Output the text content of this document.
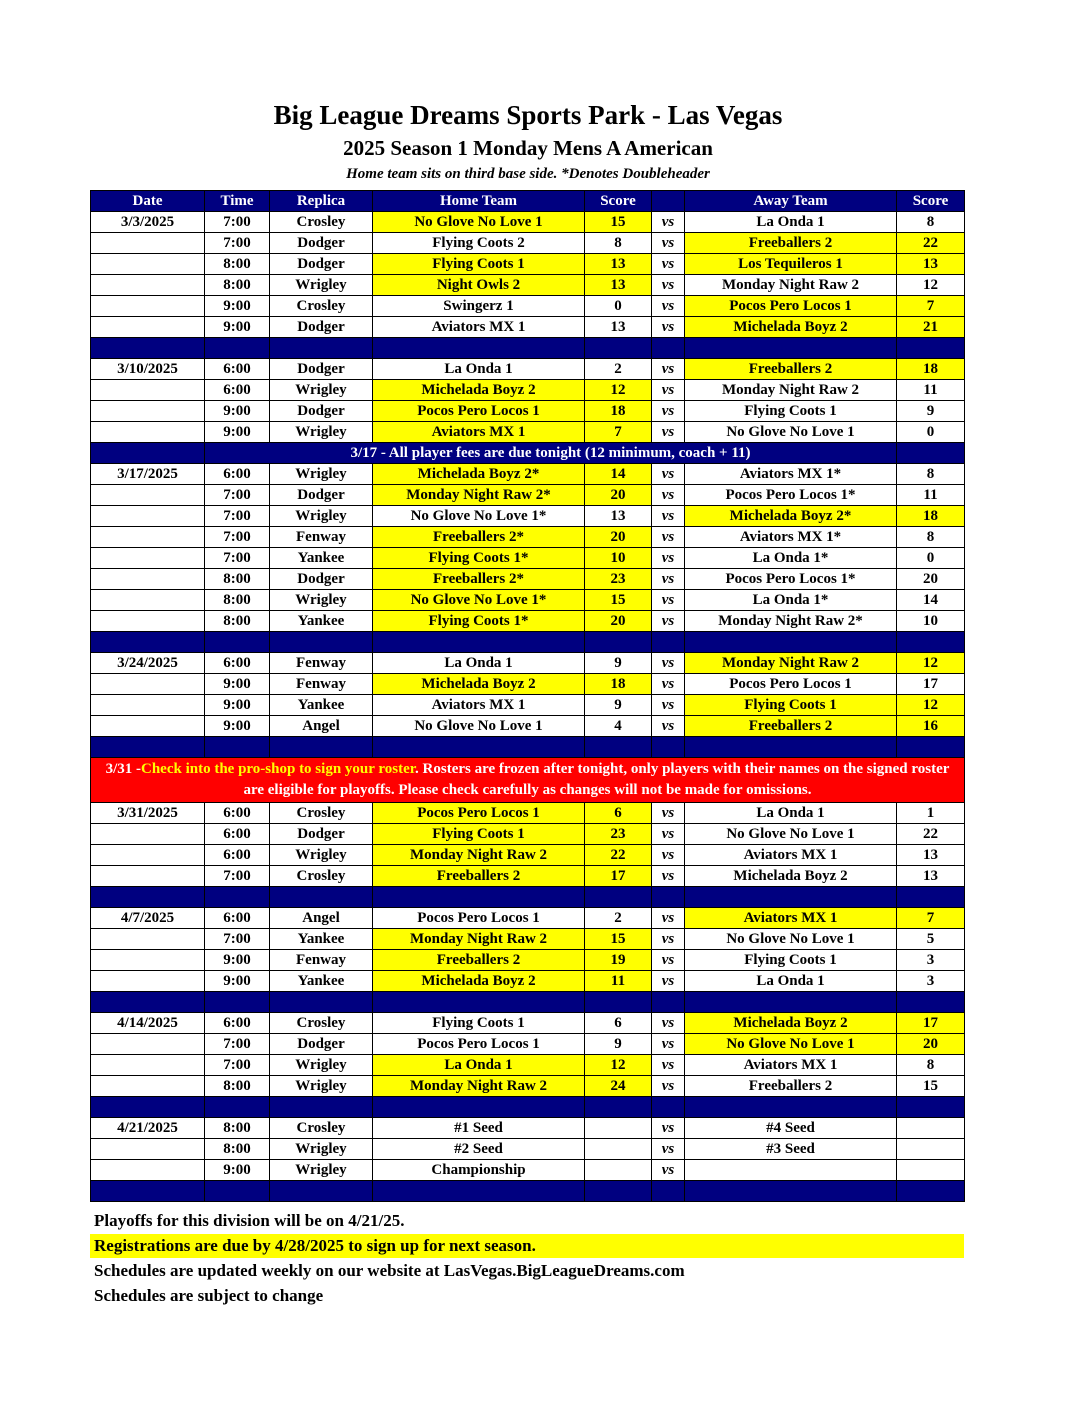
Big League Dreams Sports Park - Las Vegas
2025 Season 1 Monday Mens A American
Home team sits on third base side. *Denotes Doubleheader
Date	Time	Replica	Home Team	Score		Away Team	Score
3/3/2025	7:00	Crosley	No Glove No Love 1	15	vs	La Onda 1	8
	7:00	Dodger	Flying Coots 2	8	vs	Freeballers 2	22
	8:00	Dodger	Flying Coots 1	13	vs	Los Tequileros 1	13
	8:00	Wrigley	Night Owls 2	13	vs	Monday Night Raw 2	12
	9:00	Crosley	Swingerz 1	0	vs	Pocos Pero Locos 1	7
	9:00	Dodger	Aviators MX 1	13	vs	Michelada Boyz 2	21

3/10/2025	6:00	Dodger	La Onda 1	2	vs	Freeballers 2	18
	6:00	Wrigley	Michelada Boyz 2	12	vs	Monday Night Raw 2	11
	9:00	Dodger	Pocos Pero Locos 1	18	vs	Flying Coots 1	9
	9:00	Wrigley	Aviators MX 1	7	vs	No Glove No Love 1	0
	3/17 - All player fees are due tonight (12 minimum, coach + 11)						
3/17/2025	6:00	Wrigley	Michelada Boyz 2*	14	vs	Aviators MX 1*	8
	7:00	Dodger	Monday Night Raw 2*	20	vs	Pocos Pero Locos 1*	11
	7:00	Wrigley	No Glove No Love 1*	13	vs	Michelada Boyz 2*	18
	7:00	Fenway	Freeballers 2*	20	vs	Aviators MX 1*	8
	7:00	Yankee	Flying Coots 1*	10	vs	La Onda 1*	0
	8:00	Dodger	Freeballers 2*	23	vs	Pocos Pero Locos 1*	20
	8:00	Wrigley	No Glove No Love 1*	15	vs	La Onda 1*	14
	8:00	Yankee	Flying Coots 1*	20	vs	Monday Night Raw 2*	10

3/24/2025	6:00	Fenway	La Onda 1	9	vs	Monday Night Raw 2	12
	9:00	Fenway	Michelada Boyz 2	18	vs	Pocos Pero Locos 1	17
	9:00	Yankee	Aviators MX 1	9	vs	Flying Coots 1	12
	9:00	Angel	No Glove No Love 1	4	vs	Freeballers 2	16

3/31 -Check into the pro-shop to sign your roster. Rosters are frozen after tonight, only players with their names on the signed roster are eligible for playoffs. Please check carefully as changes will not be made for omissions.							
3/31/2025	6:00	Crosley	Pocos Pero Locos 1	6	vs	La Onda 1	1
	6:00	Dodger	Flying Coots 1	23	vs	No Glove No Love 1	22
	6:00	Wrigley	Monday Night Raw 2	22	vs	Aviators MX 1	13
	7:00	Crosley	Freeballers 2	17	vs	Michelada Boyz 2	13

4/7/2025	6:00	Angel	Pocos Pero Locos 1	2	vs	Aviators MX 1	7
	7:00	Yankee	Monday Night Raw 2	15	vs	No Glove No Love 1	5
	9:00	Fenway	Freeballers 2	19	vs	Flying Coots 1	3
	9:00	Yankee	Michelada Boyz 2	11	vs	La Onda 1	3

4/14/2025	6:00	Crosley	Flying Coots 1	6	vs	Michelada Boyz 2	17
	7:00	Dodger	Pocos Pero Locos 1	9	vs	No Glove No Love 1	20
	7:00	Wrigley	La Onda 1	12	vs	Aviators MX 1	8
	8:00	Wrigley	Monday Night Raw 2	24	vs	Freeballers 2	15

4/21/2025	8:00	Crosley	#1 Seed		vs	#4 Seed	
	8:00	Wrigley	#2 Seed		vs	#3 Seed	
	9:00	Wrigley	Championship		vs		

Playoffs for this division will be on 4/21/25.
Registrations are due by 4/28/2025 to sign up for next season.
Schedules are updated weekly on our website at LasVegas.BigLeagueDreams.com
Schedules are subject to change
